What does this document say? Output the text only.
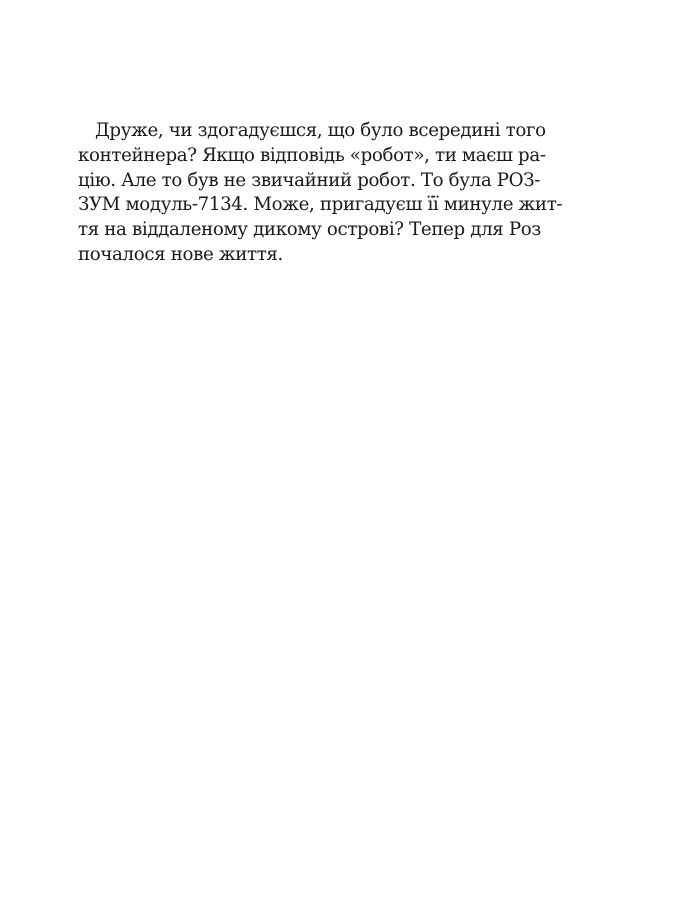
Друже, чи здогадуєшся, що було всередині того
контейнера? Якщо відповідь «робот», ти маєш ра-
цію. Але то був не звичайний робот. То була РОЗ-
ЗУМ модуль-7134. Може, пригадуєш її минуле жит-
тя на віддаленому дикому острові? Тепер для Роз
почалося нове життя.
